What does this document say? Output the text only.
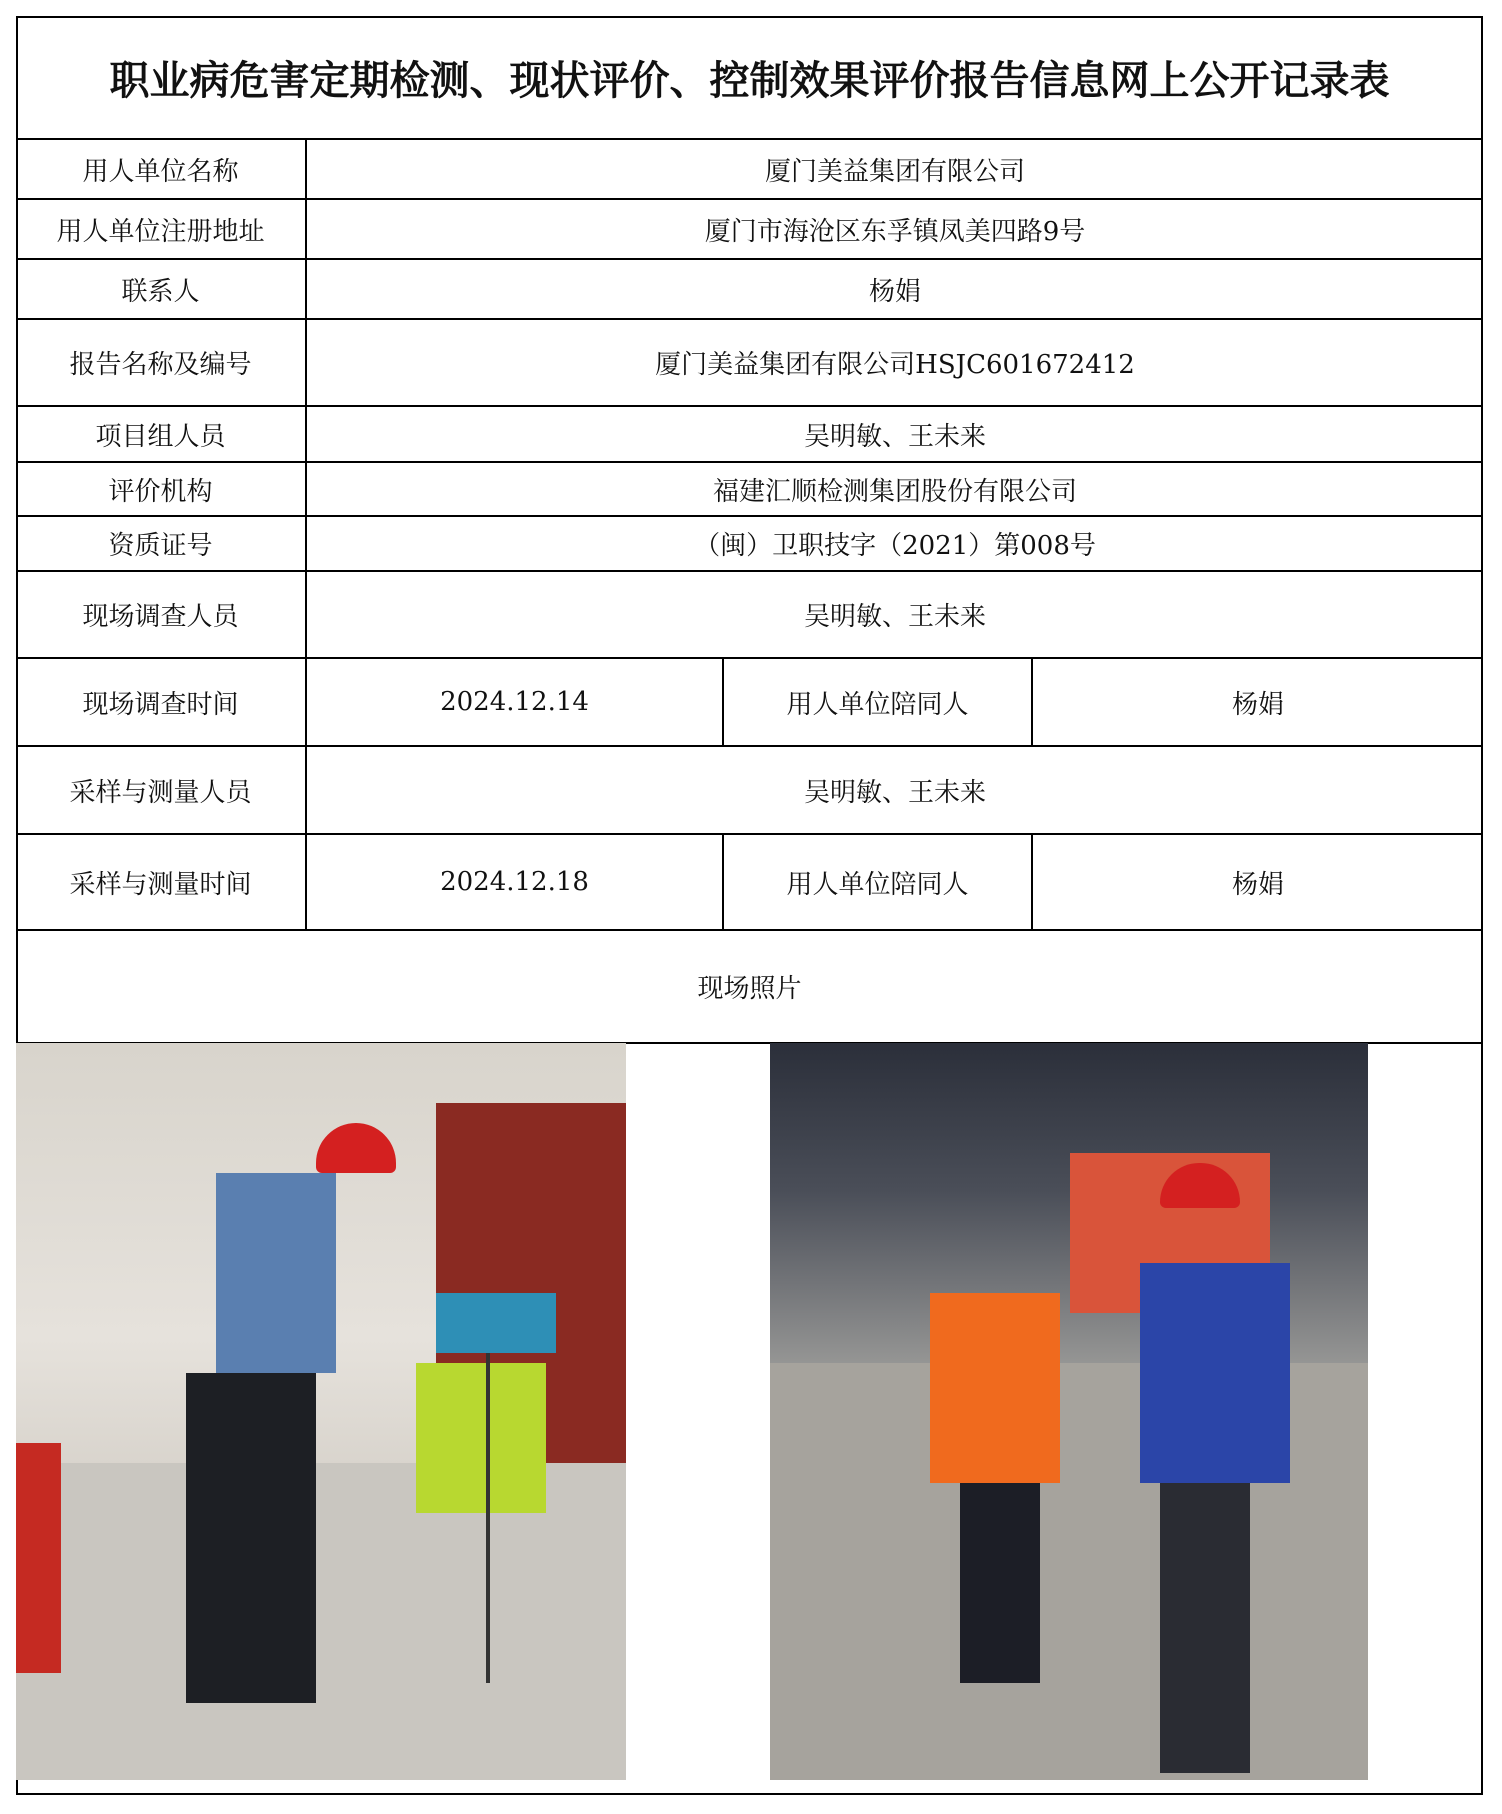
职业病危害定期检测、现状评价、控制效果评价报告信息网上公开记录表
用人单位名称	厦门美益集团有限公司
用人单位注册地址	厦门市海沧区东孚镇凤美四路9号
联系人	杨娟
报告名称及编号	厦门美益集团有限公司HSJC601672412
项目组人员	吴明敏、王未来
评价机构	福建汇顺检测集团股份有限公司
资质证号	（闽）卫职技字（2021）第008号
现场调查人员	吴明敏、王未来
现场调查时间	2024.12.14	用人单位陪同人	杨娟
采样与测量人员	吴明敏、王未来
采样与测量时间	2024.12.18	用人单位陪同人	杨娟
现场照片
